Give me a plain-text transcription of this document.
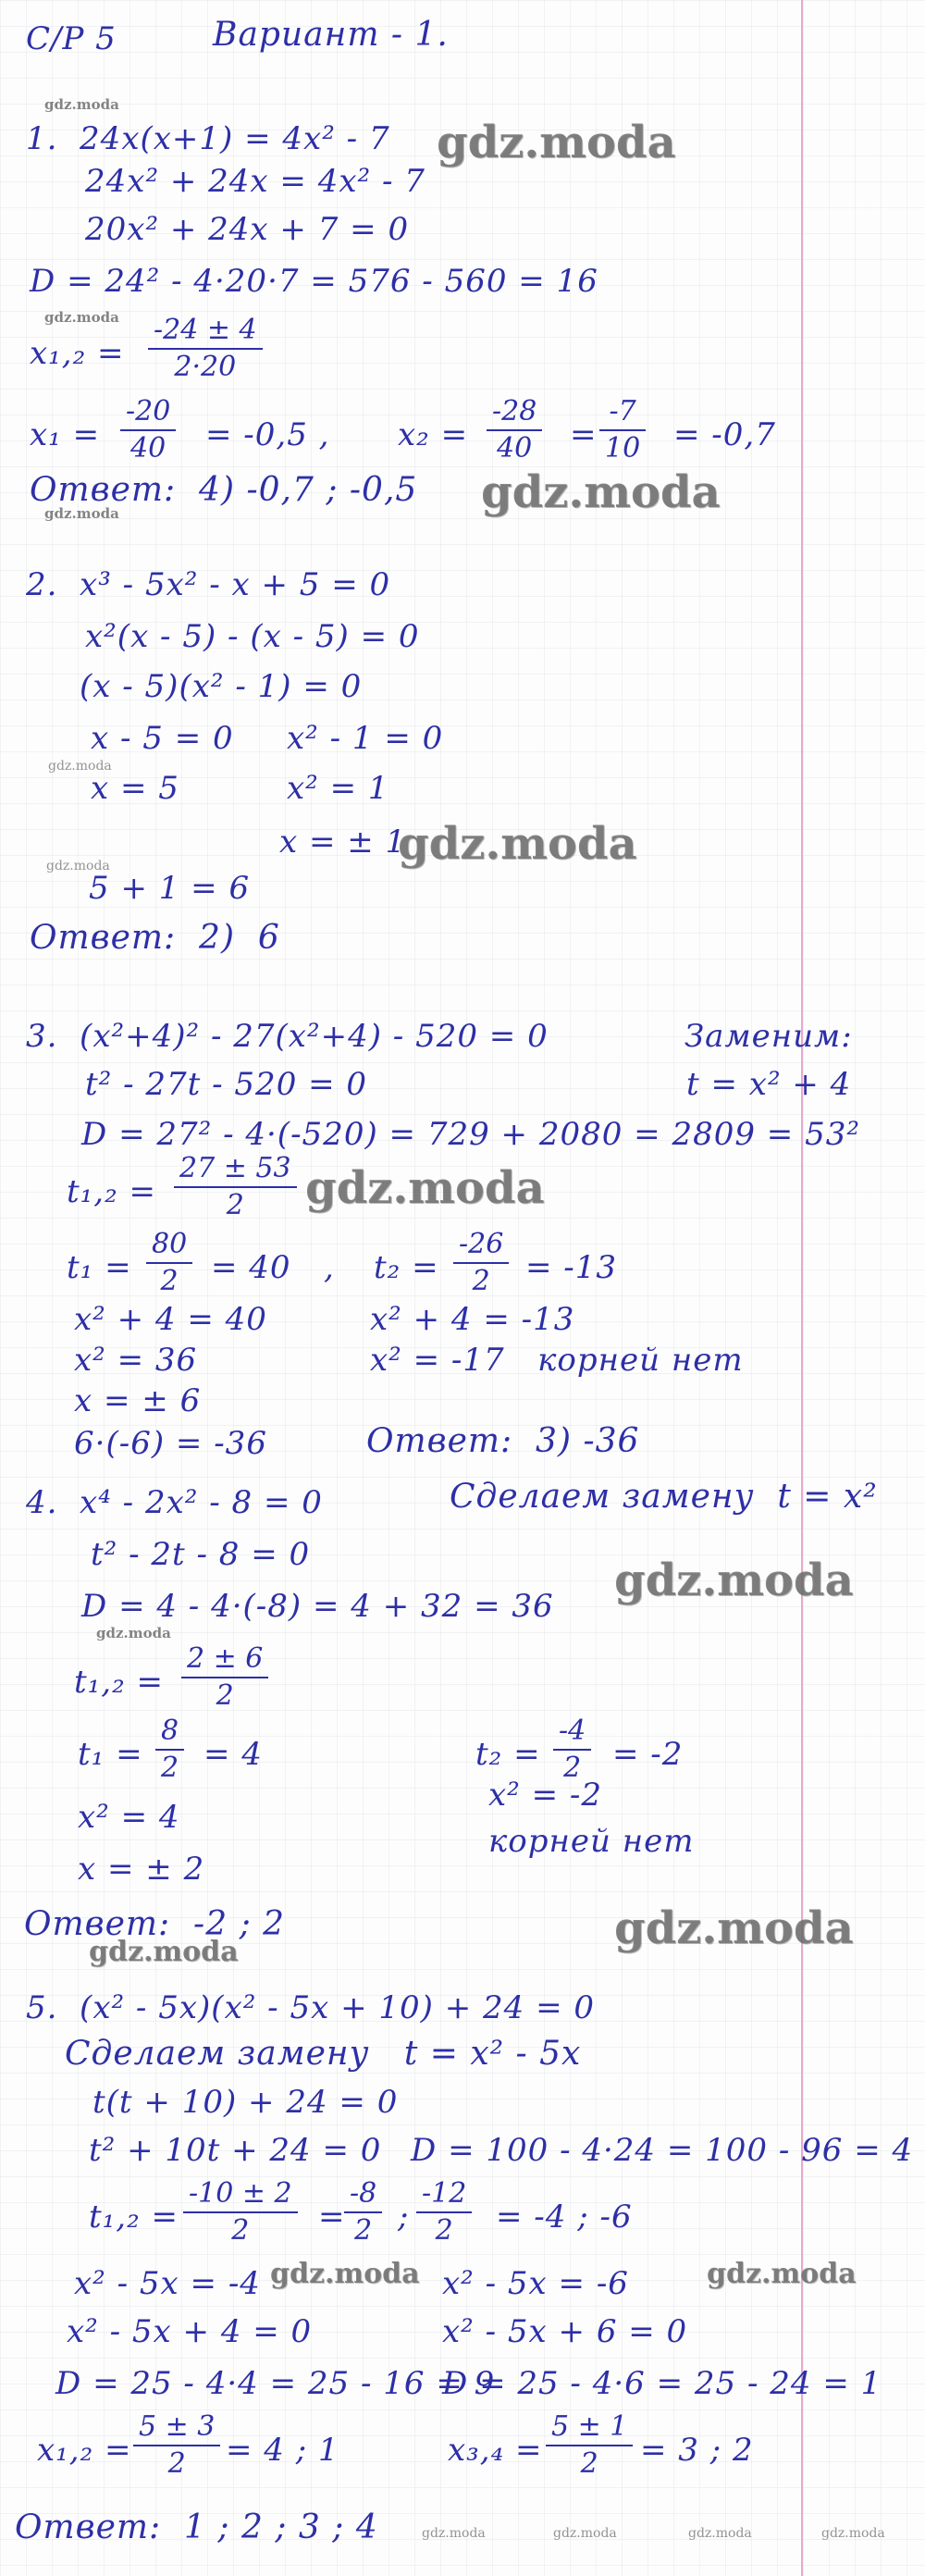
С/Р 5	Вариант - 1.
gdz.moda
1.  24x(x+1) = 4x² - 7 gdz.moda
24x² + 24x = 4x² - 7
20x² + 24x + 7 = 0
D = 24² - 4·20·7 = 576 - 560 = 16
gdz.moda
x₁,₂ =
-24 ± 4
2·20
x₁ =
-20
40	= -0,5 , x₂ =
-28
40	=
-7
10 = -0,7
Ответ:  4) -0,7 ; -0,5 gdz.moda
gdz.moda
2.  x³ - 5x² - x + 5 = 0
x²(x - 5) - (x - 5) = 0
(x - 5)(x² - 1) = 0
x - 5 = 0 x² - 1 = 0
gdz.moda
x = 5	x² = 1
x = ± 1
gdz.moda
gdz.moda
5 + 1 = 6
Ответ:  2)  6
3.  (x²+4)² - 27(x²+4) - 520 = 0	Заменим:
t² - 27t - 520 = 0	t = x² + 4
D = 27² - 4·(-520) = 729 + 2080 = 2809 = 53²
t₁,₂ =
27 ± 53
2	gdz.moda
t₁ =
80
2	= 40   , t₂ =
-26
2	= -13
x² + 4 = 40	x² + 4 = -13
x² = 36	x² = -17   корней нет
x = ± 6
6·(-6) = -36	Ответ:  3) -36
4.  x⁴ - 2x² - 8 = 0	Сделаем замену  t = x²
t² - 2t - 8 = 0	gdz.moda
D = 4 - 4·(-8) = 4 + 32 = 36
gdz.moda
t₁,₂ =
2 ± 6
2
t₁ =
8
2 = 4	t₂ =
-4
2 = -2
x² = 4
x² = -2
x = ± 2
корней нет
Ответ:  -2 ; 2	gdz.moda
gdz.moda
5.  (x² - 5x)(x² - 5x + 10) + 24 = 0
Сделаем замену   t = x² - 5x
t(t + 10) + 24 = 0
t² + 10t + 24 = 0 D = 100 - 4·24 = 100 - 96 = 4
t₁,₂ =
-10 ± 2
2	=
-8
2 ;
-12
2	= -4 ; -6
x² - 5x = -4 gdz.moda x² - 5x = -6	gdz.moda
x² - 5x + 4 = 0	x² - 5x + 6 = 0
D = 25 - 4·4 = 25 - 16 = 9
D = 25 - 4·6 = 25 - 24 = 1
x₁,₂ =
5 ± 3
2	= 4 ; 1	x₃,₄ =
5 ± 1
2	= 3 ; 2
Ответ:  1 ; 2 ; 3 ; 4	gdz.moda	gdz.moda	gdz.moda	gdz.moda
